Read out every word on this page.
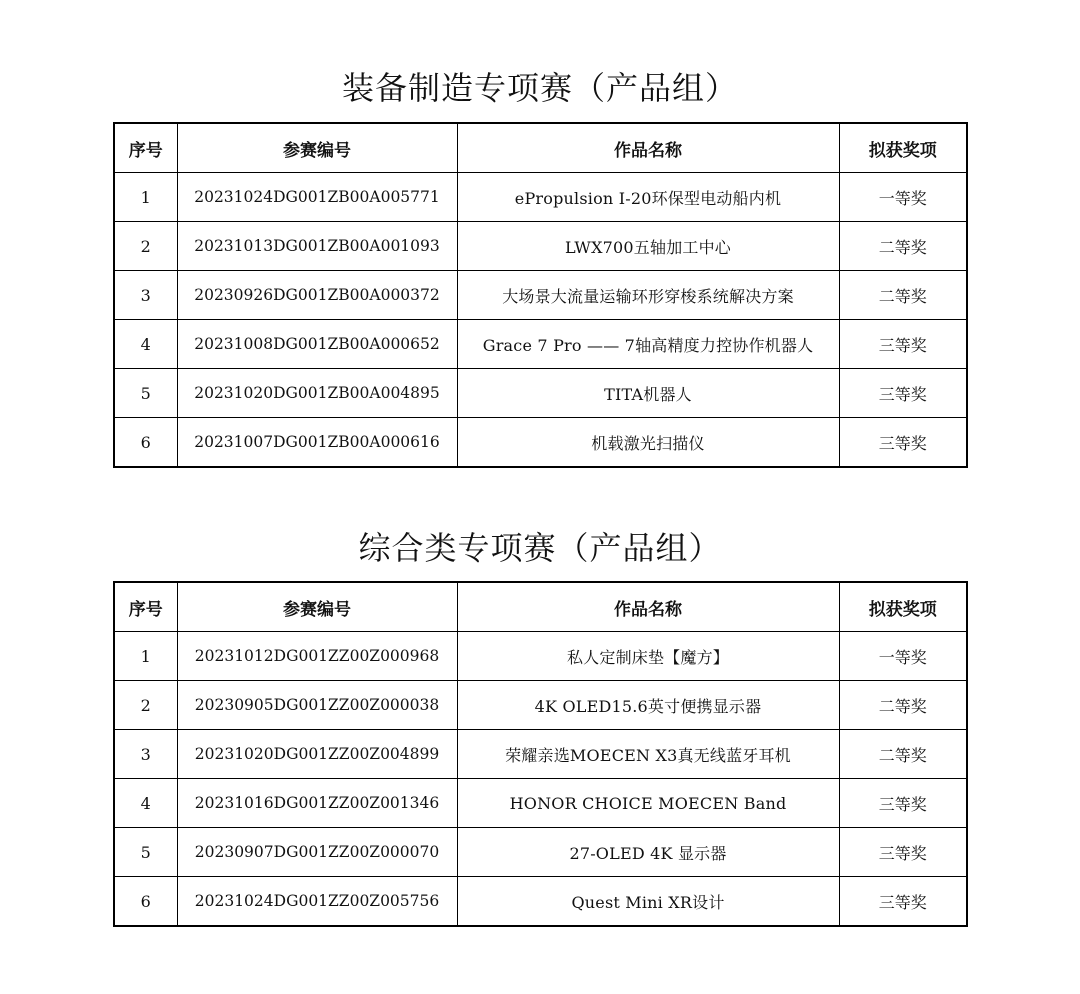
装备制造专项赛（产品组）
序号	参赛编号	作品名称	拟获奖项
1	20231024DG001ZB00A005771	ePropulsion I-20环保型电动船内机	一等奖
2	20231013DG001ZB00A001093	LWX700五轴加工中心	二等奖
3	20230926DG001ZB00A000372	大场景大流量运输环形穿梭系统解决方案	二等奖
4	20231008DG001ZB00A000652	Grace 7 Pro —— 7轴高精度力控协作机器人	三等奖
5	20231020DG001ZB00A004895	TITA机器人	三等奖
6	20231007DG001ZB00A000616	机载激光扫描仪	三等奖
综合类专项赛（产品组）
序号	参赛编号	作品名称	拟获奖项
1	20231012DG001ZZ00Z000968	私人定制床垫【魔方】	一等奖
2	20230905DG001ZZ00Z000038	4K OLED15.6英寸便携显示器	二等奖
3	20231020DG001ZZ00Z004899	荣耀亲选MOECEN X3真无线蓝牙耳机	二等奖
4	20231016DG001ZZ00Z001346	HONOR CHOICE MOECEN Band	三等奖
5	20230907DG001ZZ00Z000070	27-OLED 4K 显示器	三等奖
6	20231024DG001ZZ00Z005756	Quest Mini XR设计	三等奖
